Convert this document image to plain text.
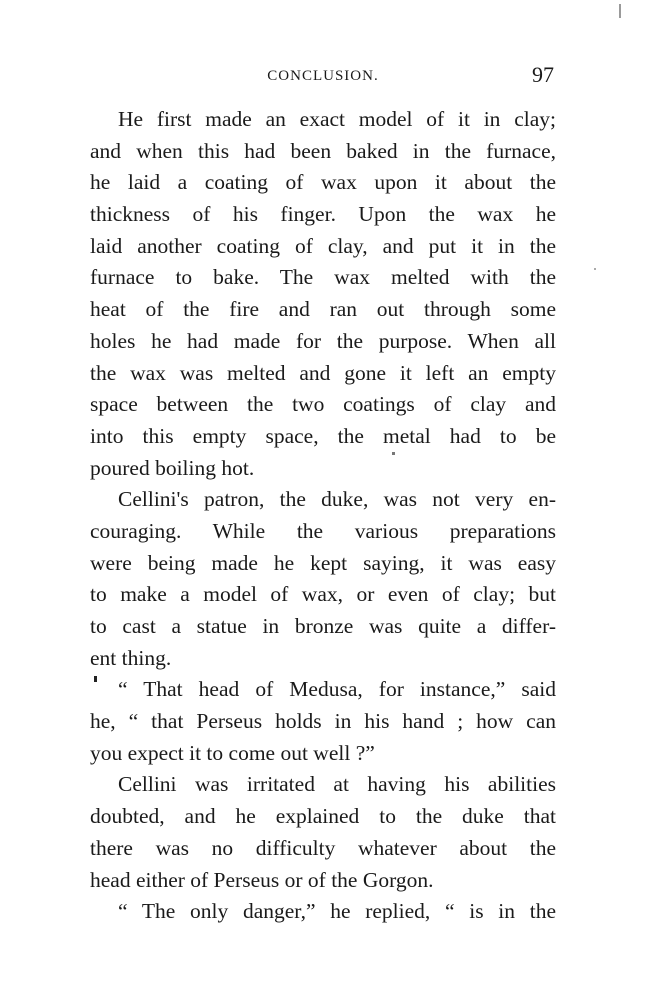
CONCLUSION.	97
He first made an exact model of it in clay;
and when this had been baked in the furnace,
he laid a coating of wax upon it about the
thickness of his finger. Upon the wax he
laid another coating of clay, and put it in the
furnace to bake. The wax melted with the
heat of the fire and ran out through some
holes he had made for the purpose. When all
the wax was melted and gone it left an empty
space between the two coatings of clay and
into this empty space, the metal had to be
poured boiling hot.
Cellini's patron, the duke, was not very en-
couraging. While the various preparations
were being made he kept saying, it was easy
to make a model of wax, or even of clay; but
to cast a statue in bronze was quite a differ-
ent thing.
“ That head of Medusa, for instance,” said
he, “ that Perseus holds in his hand ; how can
you expect it to come out well ?”
Cellini was irritated at having his abilities
doubted, and he explained to the duke that
there was no difficulty whatever about the
head either of Perseus or of the Gorgon.
“ The only danger,” he replied, “ is in the
